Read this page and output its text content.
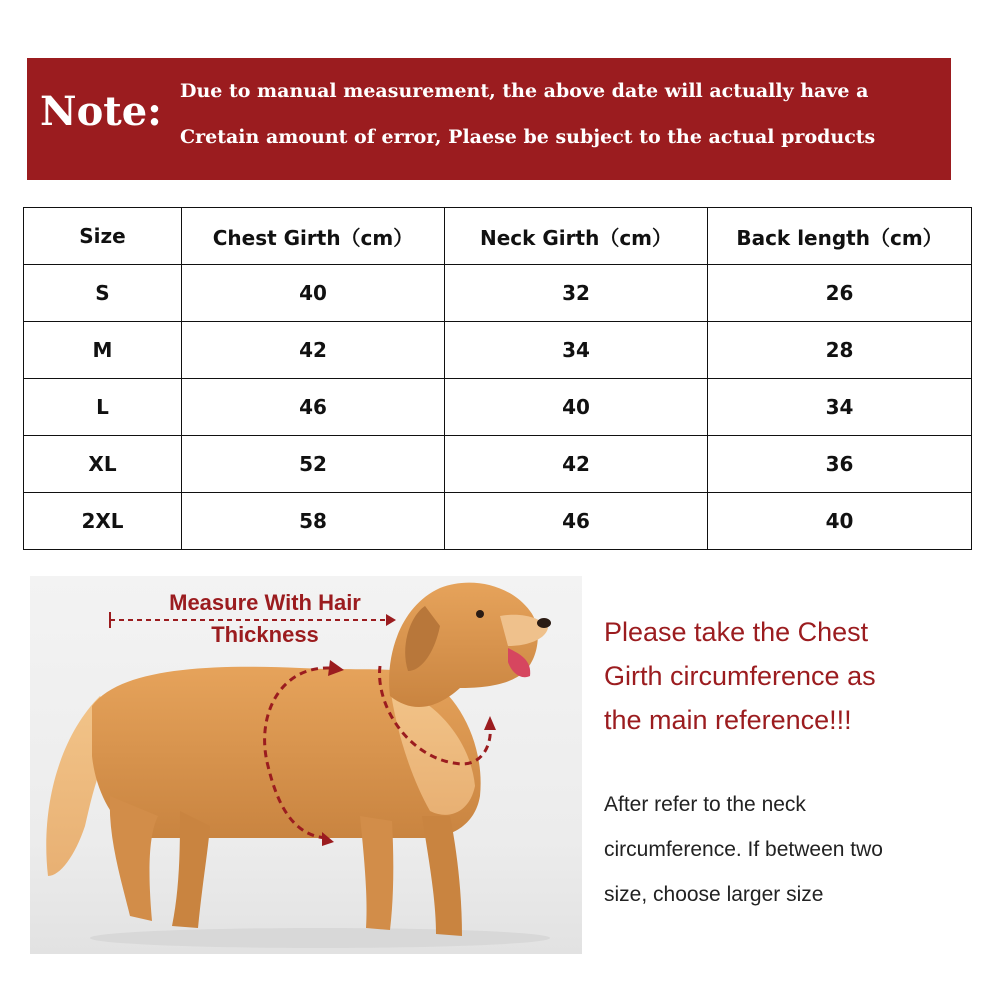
Note: Due to manual measurement, the above date will actually have a
Cretain amount of error, Plaese be subject to the actual products
Size	Chest Girth（cm）	Neck Girth（cm）	Back length（cm）
S	40	32	26
M	42	34	28
L	46	40	34
XL	52	42	36
2XL	58	46	40
Measure With Hair
Thickness	Please take the Chest
Girth circumference as
the main reference!!!
After refer to the neck
circumference. If between two
size, choose larger size
